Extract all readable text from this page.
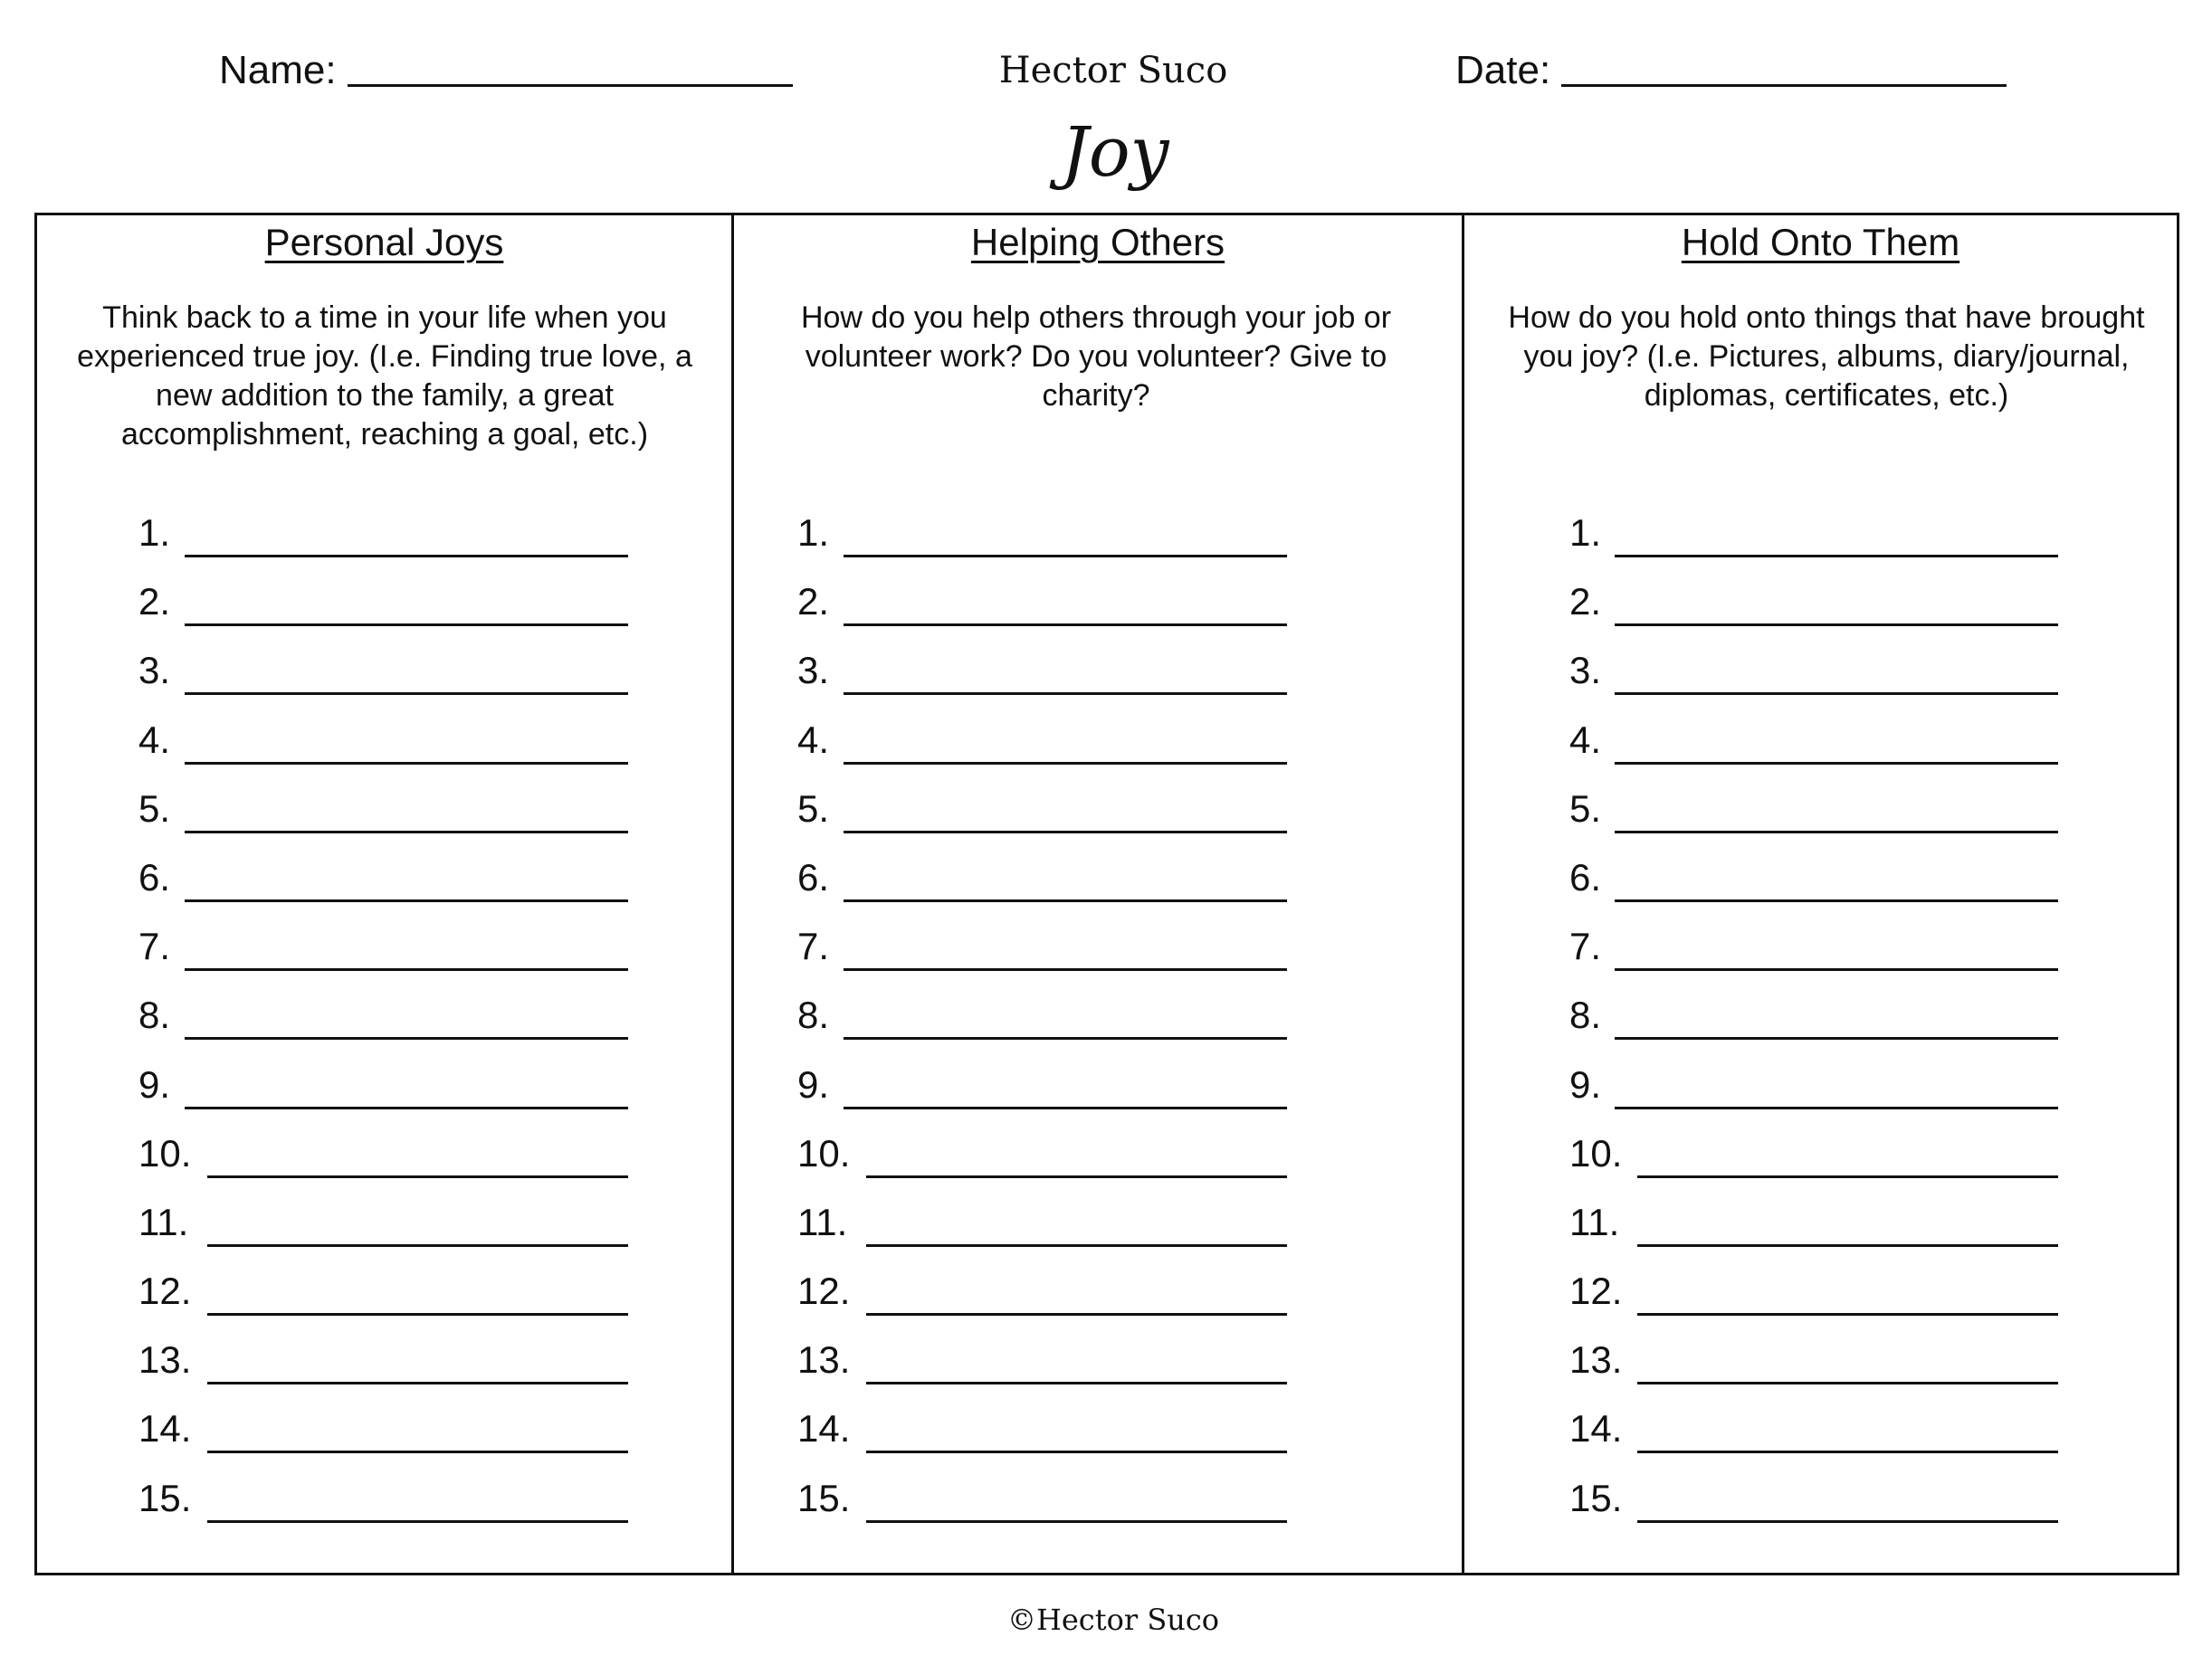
Name:	Hector Suco	Date:
Joy
Personal Joys
Think back to a time in your life when you experienced true joy. (I.e. Finding true love, a new addition to the family, a great accomplishment, reaching a goal, etc.)
1.
2.
3.
4.
5.
6.
7.
8.
9.
10.
11.
12.
13.
14.
15.
Helping Others
How do you help others through your job or volunteer work? Do you volunteer? Give to charity?
1.
2.
3.
4.
5.
6.
7.
8.
9.
10.
11.
12.
13.
14.
15.
Hold Onto Them
How do you hold onto things that have brought you joy? (I.e. Pictures, albums, diary/journal, diplomas, certificates, etc.)
1.
2.
3.
4.
5.
6.
7.
8.
9.
10.
11.
12.
13.
14.
15.
©Hector Suco
